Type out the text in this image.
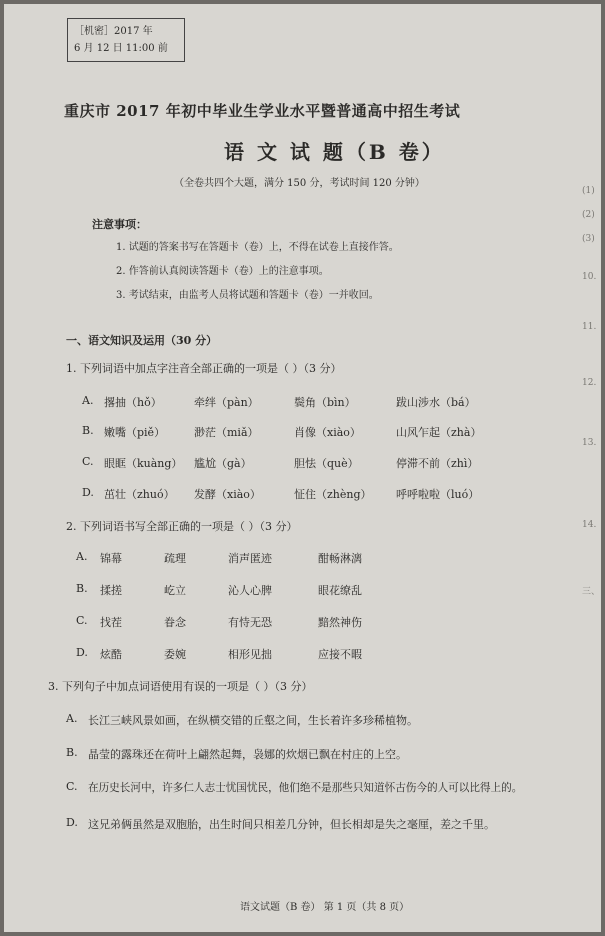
［机密］2017 年
6 月 12 日 11:00 前
重庆市 2017 年初中毕业生学业水平暨普通高中招生考试
语 文 试 题（B 卷）
（全卷共四个大题，满分 150 分，考试时间 120 分钟）
注意事项：
1. 试题的答案书写在答题卡（卷）上，不得在试卷上直接作答。
2. 作答前认真阅读答题卡（卷）上的注意事项。
3. 考试结束，由监考人员将试题和答题卡（卷）一并收回。
一、语文知识及运用（30 分）
1. 下列词语中加点字注音全部正确的一项是（ ）（3 分）
A. 撂抽（hǒ）	牵绊（pàn）	鬓角（bìn）	跋山涉水（bá）
B. 嫩嘴（piě）	渺茫（miǎ）	肖像（xiào）	山风乍起（zhà）
C. 眼眶（kuàng） 尴尬（gà）	胆怯（què）	停滞不前（zhì）
D. 茁壮（zhuó） 发酵（xiào）	怔住（zhèng） 呼呼啦啦（luó）
2. 下列词语书写全部正确的一项是（ ）（3 分）
A. 锦幕	疏理	消声匿迹	酣畅淋漓
B. 揉搓	屹立	沁人心脾	眼花缭乱
C. 找茬	眷念	有恃无恐	黯然神伤
D. 炫酷	委婉	相形见拙	应接不暇
3. 下列句子中加点词语使用有误的一项是（ ）（3 分）
A. 长江三峡风景如画，在纵横交错的丘壑之间，生长着许多珍稀植物。
B. 晶莹的露珠还在荷叶上翩然起舞，袅娜的炊烟已飘在村庄的上空。
C. 在历史长河中，许多仁人志士忧国忧民，他们绝不是那些只知道怀古伤今的人可以比得上的。
D. 这兄弟俩虽然是双胞胎，出生时间只相差几分钟，但长相却是失之毫厘，差之千里。
语文试题（B 卷） 第 1 页（共 8 页）
(1)
(2)
(3)
10.
11.
12.
13.
14.
三、
